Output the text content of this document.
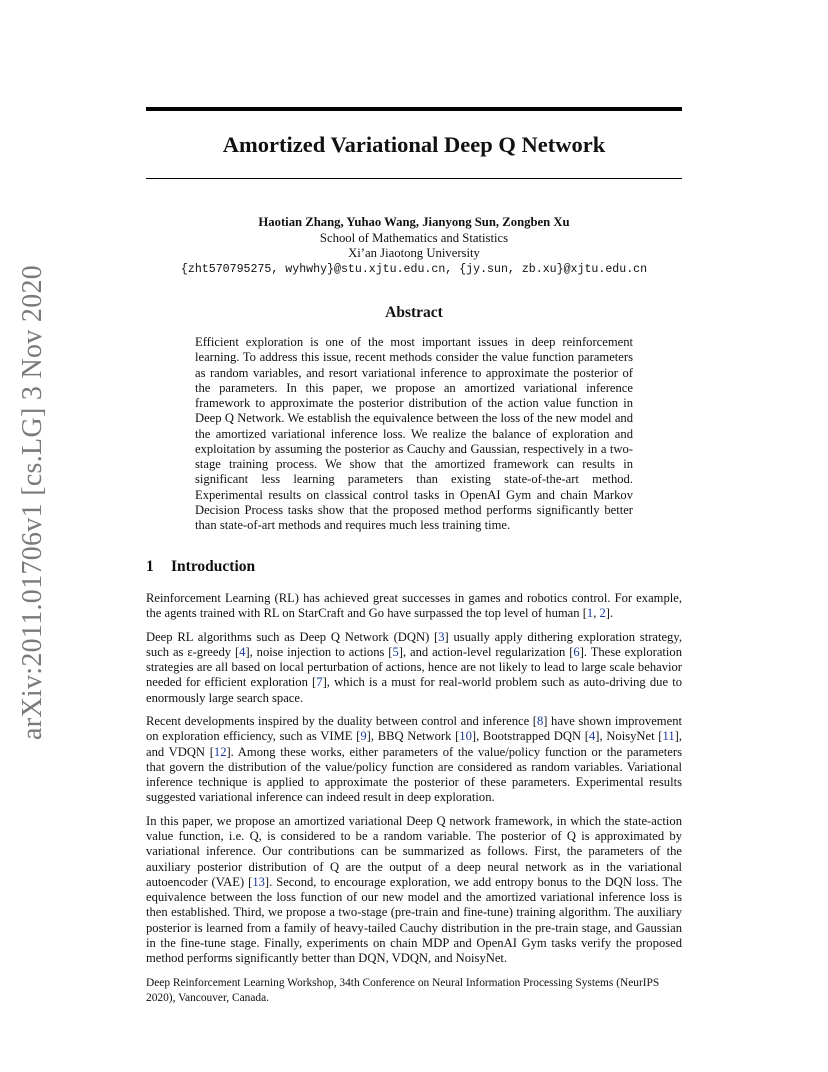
arXiv:2011.01706v1 [cs.LG] 3 Nov 2020
Amortized Variational Deep Q Network
Haotian Zhang, Yuhao Wang, Jianyong Sun, Zongben Xu
School of Mathematics and Statistics
Xi’an Jiaotong University
{zht570795275, wyhwhy}@stu.xjtu.edu.cn, {jy.sun, zb.xu}@xjtu.edu.cn
Abstract
Efficient exploration is one of the most important issues in deep reinforcement learning. To address this issue, recent methods consider the value function parameters as random variables, and resort variational inference to approximate the posterior of the parameters. In this paper, we propose an amortized variational inference framework to approximate the posterior distribution of the action value function in Deep Q Network. We establish the equivalence between the loss of the new model and the amortized variational inference loss. We realize the balance of exploration and exploitation by assuming the posterior as Cauchy and Gaussian, respectively in a two-stage training process. We show that the amortized framework can results in significant less learning parameters than existing state-of-the-art method. Experimental results on classical control tasks in OpenAI Gym and chain Markov Decision Process tasks show that the proposed method performs significantly better than state-of-art methods and requires much less training time.
1 Introduction

Reinforcement Learning (RL) has achieved great successes in games and robotics control. For example, the agents trained with RL on StarCraft and Go have surpassed the top level of human [1, 2].

Deep RL algorithms such as Deep Q Network (DQN) [3] usually apply dithering exploration strategy, such as ε-greedy [4], noise injection to actions [5], and action-level regularization [6]. These exploration strategies are all based on local perturbation of actions, hence are not likely to lead to large scale behavior needed for efficient exploration [7], which is a must for real-world problem such as auto-driving due to enormously large search space.

Recent developments inspired by the duality between control and inference [8] have shown improvement on exploration efficiency, such as VIME [9], BBQ Network [10], Bootstrapped DQN [4], NoisyNet [11], and VDQN [12]. Among these works, either parameters of the value/policy function or the parameters that govern the distribution of the value/policy function are considered as random variables. Variational inference technique is applied to approximate the posterior of these parameters. Experimental results suggested variational inference can indeed result in deep exploration.

In this paper, we propose an amortized variational Deep Q network framework, in which the state-action value function, i.e. Q, is considered to be a random variable. The posterior of Q is approximated by variational inference. Our contributions can be summarized as follows. First, the parameters of the auxiliary posterior distribution of Q are the output of a deep neural network as in the variational autoencoder (VAE) [13]. Second, to encourage exploration, we add entropy bonus to the DQN loss. The equivalence between the loss function of our new model and the amortized variational inference loss is then established. Third, we propose a two-stage (pre-train and fine-tune) training algorithm. The auxiliary posterior is learned from a family of heavy-tailed Cauchy distribution in the pre-train stage, and Gaussian in the fine-tune stage. Finally, experiments on chain MDP and OpenAI Gym tasks verify the proposed method performs significantly better than DQN, VDQN, and NoisyNet.

Deep Reinforcement Learning Workshop, 34th Conference on Neural Information Processing Systems (NeurIPS 2020), Vancouver, Canada.
